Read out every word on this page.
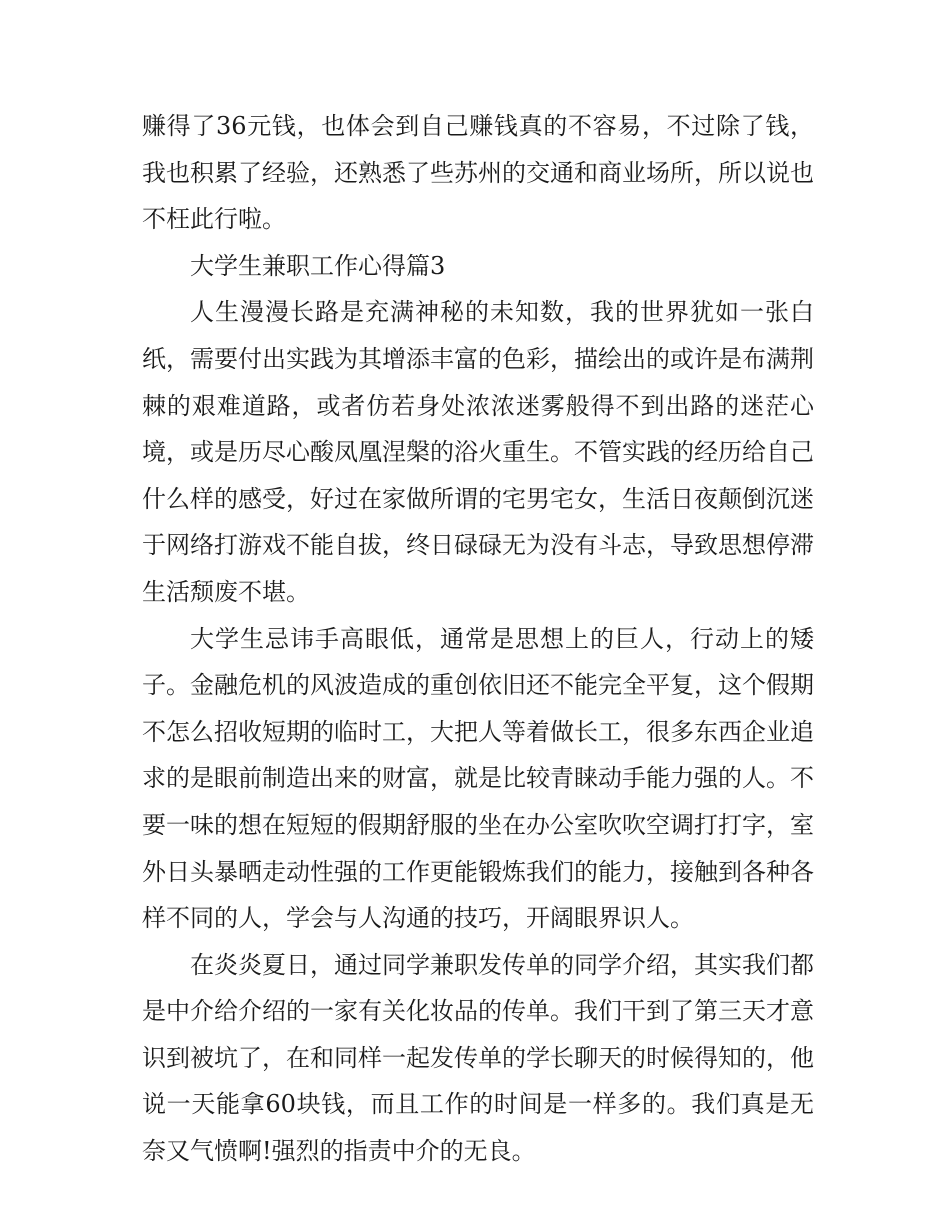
赚得了36元钱，也体会到自己赚钱真的不容易，不过除了钱，我也积累了经验，还熟悉了些苏州的交通和商业场所，所以说也不枉此行啦。

大学生兼职工作心得篇3

人生漫漫长路是充满神秘的未知数，我的世界犹如一张白纸，需要付出实践为其增添丰富的色彩，描绘出的或许是布满荆棘的艰难道路，或者仿若身处浓浓迷雾般得不到出路的迷茫心境，或是历尽心酸凤凰涅槃的浴火重生。不管实践的经历给自己什么样的感受，好过在家做所谓的宅男宅女，生活日夜颠倒沉迷于网络打游戏不能自拔，终日碌碌无为没有斗志，导致思想停滞生活颓废不堪。

大学生忌讳手高眼低，通常是思想上的巨人，行动上的矮子。金融危机的风波造成的重创依旧还不能完全平复，这个假期不怎么招收短期的临时工，大把人等着做长工，很多东西企业追求的是眼前制造出来的财富，就是比较青睐动手能力强的人。不要一味的想在短短的假期舒服的坐在办公室吹吹空调打打字，室外日头暴晒走动性强的工作更能锻炼我们的能力，接触到各种各样不同的人，学会与人沟通的技巧，开阔眼界识人。

在炎炎夏日，通过同学兼职发传单的同学介绍，其实我们都是中介给介绍的一家有关化妆品的传单。我们干到了第三天才意识到被坑了，在和同样一起发传单的学长聊天的时候得知的，他说一天能拿60块钱，而且工作的时间是一样多的。我们真是无奈又气愤啊!强烈的指责中介的无良。
